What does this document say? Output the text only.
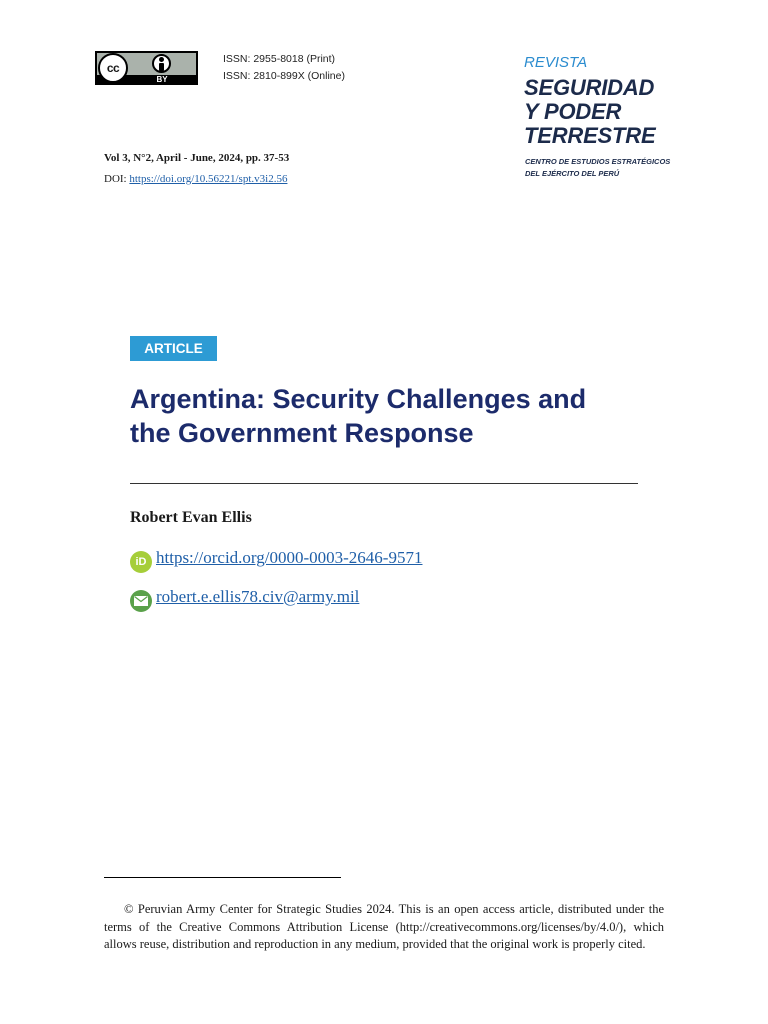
cc
BY
ISSN: 2955-8018 (Print)
ISSN: 2810-899X (Online)
REVISTA
SEGURIDAD
Y PODER
TERRESTRE
CENTRO DE ESTUDIOS ESTRATÉGICOS
DEL EJÉRCITO DEL PERÚ
Vol 3, N°2, April - June, 2024, pp. 37-53
DOI: https://doi.org/10.56221/spt.v3i2.56
ARTICLE
Argentina: Security Challenges and
the Government Response
Robert Evan Ellis
iD https://orcid.org/0000-0003-2646-9571
robert.e.ellis78.civ@army.mil
© Peruvian Army Center for Strategic Studies 2024. This is an open access article, distributed under the terms of the Creative Commons Attribution License (http://creativecommons.org/licenses/by/4.0/), which allows reuse, distribution and reproduction in any medium, provided that the original work is properly cited.
